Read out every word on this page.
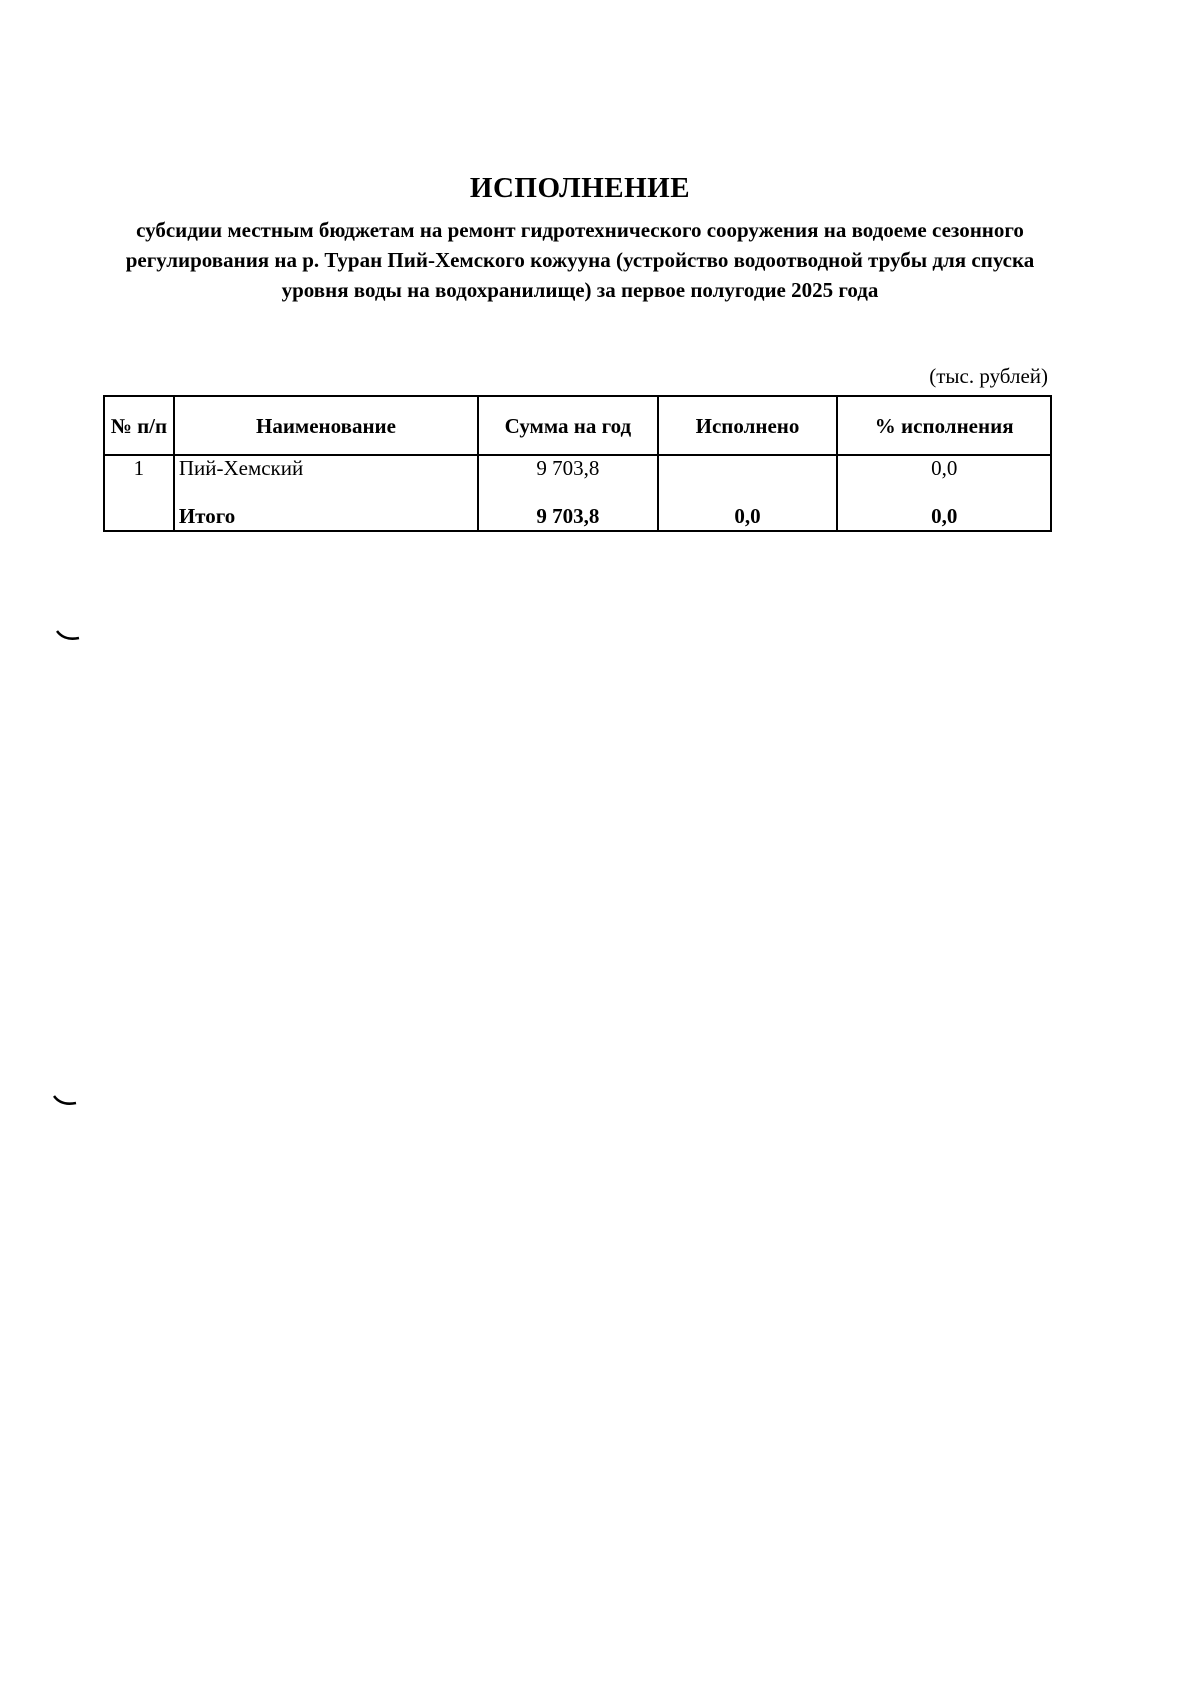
ИСПОЛНЕНИЕ
субсидии местным бюджетам на ремонт гидротехнического сооружения на водоеме сезонного регулирования на р. Туран Пий-Хемского кожууна (устройство водоотводной трубы для спуска уровня воды на водохранилище) за первое полугодие 2025 года
(тыс. рублей)
№ п/п	Наименование	Сумма на год	Исполнено	% исполнения
1	Пий-Хемский	9 703,8		0,0
	Итого	9 703,8	0,0	0,0
